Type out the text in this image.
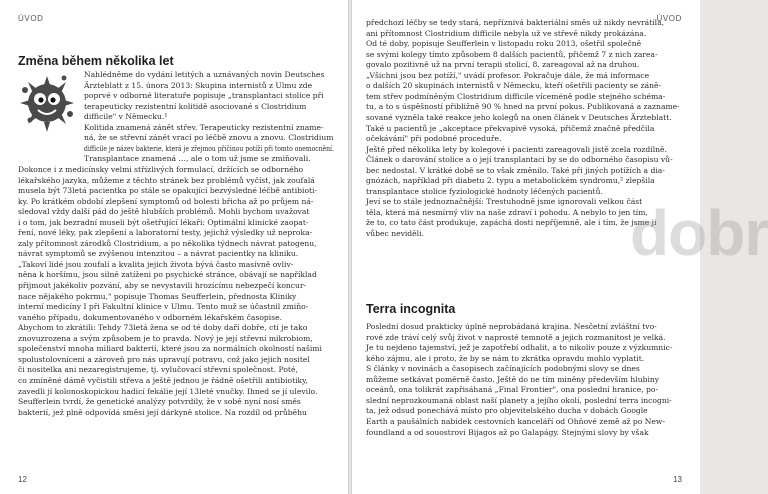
ÚVOD
Změna během několika let
Nahlédněme do vydání letitých a uznávaných novin Deutsches
Ärzteblatt z 15. února 2013: Skupina internistů z Ulmu zde
poprvé v odborné literatuře popisuje „transplantaci stolice při
terapeuticky rezistentní kolitidě asociované s Clostridium
difficile" v Německu.¹
Kolitida znamená zánět střev. Terapeuticky rezistentní zname-
ná, že se střevní zánět vrací po léčbě znovu a znovu. Clostridium
difficile je název bakterie, která je zřejmou příčinou potíží při tomto onemocnění.
Transplantace znamená …, ale o tom už jsme se zmiňovali.
Dokonce i z medicínsky velmi střízlivých formulací, držících se odborného
lékařského jazyka, můžeme z těchto stránek bez problémů vyčíst, jak zoufalá
musela být 73letá pacientka po stále se opakující bezvýsledné léčbě antibioti-
ky. Po krátkém období zlepšení symptomů od bolesti břicha až po průjem ná-
sledoval vždy další pád do ještě hlubších problémů. Mohli bychom uvažovat
i o tom, jak bezradní museli být ošetřující lékaři: Optimální klinické zaopat-
ření, nové léky, pak zlepšení a laboratorní testy, jejichž výsledky už neproka-
zaly přítomnost zárodků Clostridium, a po několika týdnech návrat patogenu,
návrat symptomů se zvýšenou intenzitou – a návrat pacientky na kliniku.
„Takoví lidé jsou zoufalí a kvalita jejich života bývá často masivně ovliv-
něna k horšímu, jsou silně zatíženi po psychické stránce, obávají se například
přijmout jakékoliv pozvání, aby se nevystavili hrozícímu nebezpečí koncur-
nace nějakého pokrmu," popisuje Thomas Seufferlein, přednosta Kliniky
interní medicíny I při Fakultní klinice v Ulmu. Tento muž se účastnil zmiňo-
vaného případu, dokumentovaného v odborném lékařském časopise.
Abychom to zkrátili: Tehdy 73letá žena se od té doby daří dobře, ctí je tako
znovuzrozena a svým způsobem je to pravda. Nový je její střevní mikrobiom,
společenství mnoha miliard bakterií, které jsou za normálních okolností našimi
spolustolovníceni a zároveň pro nás upravují potravu, což jako jejich nositel
či nositelka ani nezaregistrujeme, tj. vylučovací střevní společnost. Poté,
co zmíněné dámě vyčistili střeva a ještě jednou je řádně ošetřili antibiotiky,
zavedli jí kolonoskopickou hadicí fekálie její 13leté vnučky. Ihned se jí ulevilo.
Seufferlein tvrdí, že genetické analýzy potvrdily, že v sobě nyní nosí směs
bakterií, jež plně odpovídá směsi její dárkyně stolice. Na rozdíl od průběhu
12
ÚVOD
předchozí léčby se tedy stará, nepříznivá bakteriální směs už nikdy nevrátila,
ani přítomnost Clostridium difficile nebyla už ve střevě nikdy prokázána.
Od té doby, popisuje Seufferlein v listopadu roku 2013, ošetřil společně
se svými kolegy tímto způsobem 8 dalších pacientů, přičemž 7 z nich zarea-
govalo pozitivně už na první terapii stolicí, 8. zareagoval až na druhou.
„Všichni jsou bez potíží," uvádí profesor. Pokračuje dále, že má informace
o dalších 20 skupinách internistů v Německu, kteří ošetřili pacienty se záně-
tem střev podmíněným Clostridium difficile víceméně podle stejného schéma-
tu, a to s úspěšností přibližně 90 % hned na první pokus. Publikovaná a zazname-
sované vyzněla také reakce jeho kolegů na onen článek v Deutsches Ärzteblatt.
Také u pacientů je „akceptace překvapivě vysoká, přičemž značně předčila
očekávání" při podobné proceduře.
Ještě před několika lety by kolegové i pacienti zareagovali jistě zcela rozdílně.
Článek o darování stolice a o její transplantaci by se do odborného časopisu vů-
bec nedostal. V krátké době se to však změnilo. Také při jiných potížích a dia-
gnózách, například při diabetu 2. typu a metabolickém syndromu,² zlepšila
transplantace stolice fyziologické hodnoty léčených pacientů.
Jeví se to stále jednoznačnější: Trestuhodně jsme ignorovali velkou část
těla, která má nesmírný vliv na naše zdraví i pohodu. A nebylo to jen tím,
že to, co tato část produkuje, zapáchá dosti nepříjemně, ale i tím, že jsme ji
vůbec neviděli.
Terra incognita
Poslední dosud prakticky úplně neprobádaná krajina. Nesčetní zvláštní tvo-
rové zde tráví celý svůj život v naprosté temnotě a jejich rozmanitost je velká.
Je tu nejdeno tajemství, jež je zapotřebí odhalit, a to nikoliv pouze z výzkumnic-
kého zájmu, ale i proto, že by se nám to zkrátka opravdu mohlo vyplatit.
S články v novinách a časopisech začínajících podobnými slovy se dnes
můžeme setkávat poměrně často. Ještě do ne tím miněny především hlubiny
oceánů, ona tolikrát zapřisáhaná „Final Frontier", ona poslední hranice, po-
slední neprozkoumaná oblast naší planety a jejího okolí, poslední terra incogni-
ta, jež odsud ponechává místo pro objevitelského ducha v dobách Google
Earth a paušálních nabídek cestovních kanceláří od Ohňové země až po New-
foundland a od souostroví Bijagos až po Galapágy. Stejnými slovy by však
dobr
13
